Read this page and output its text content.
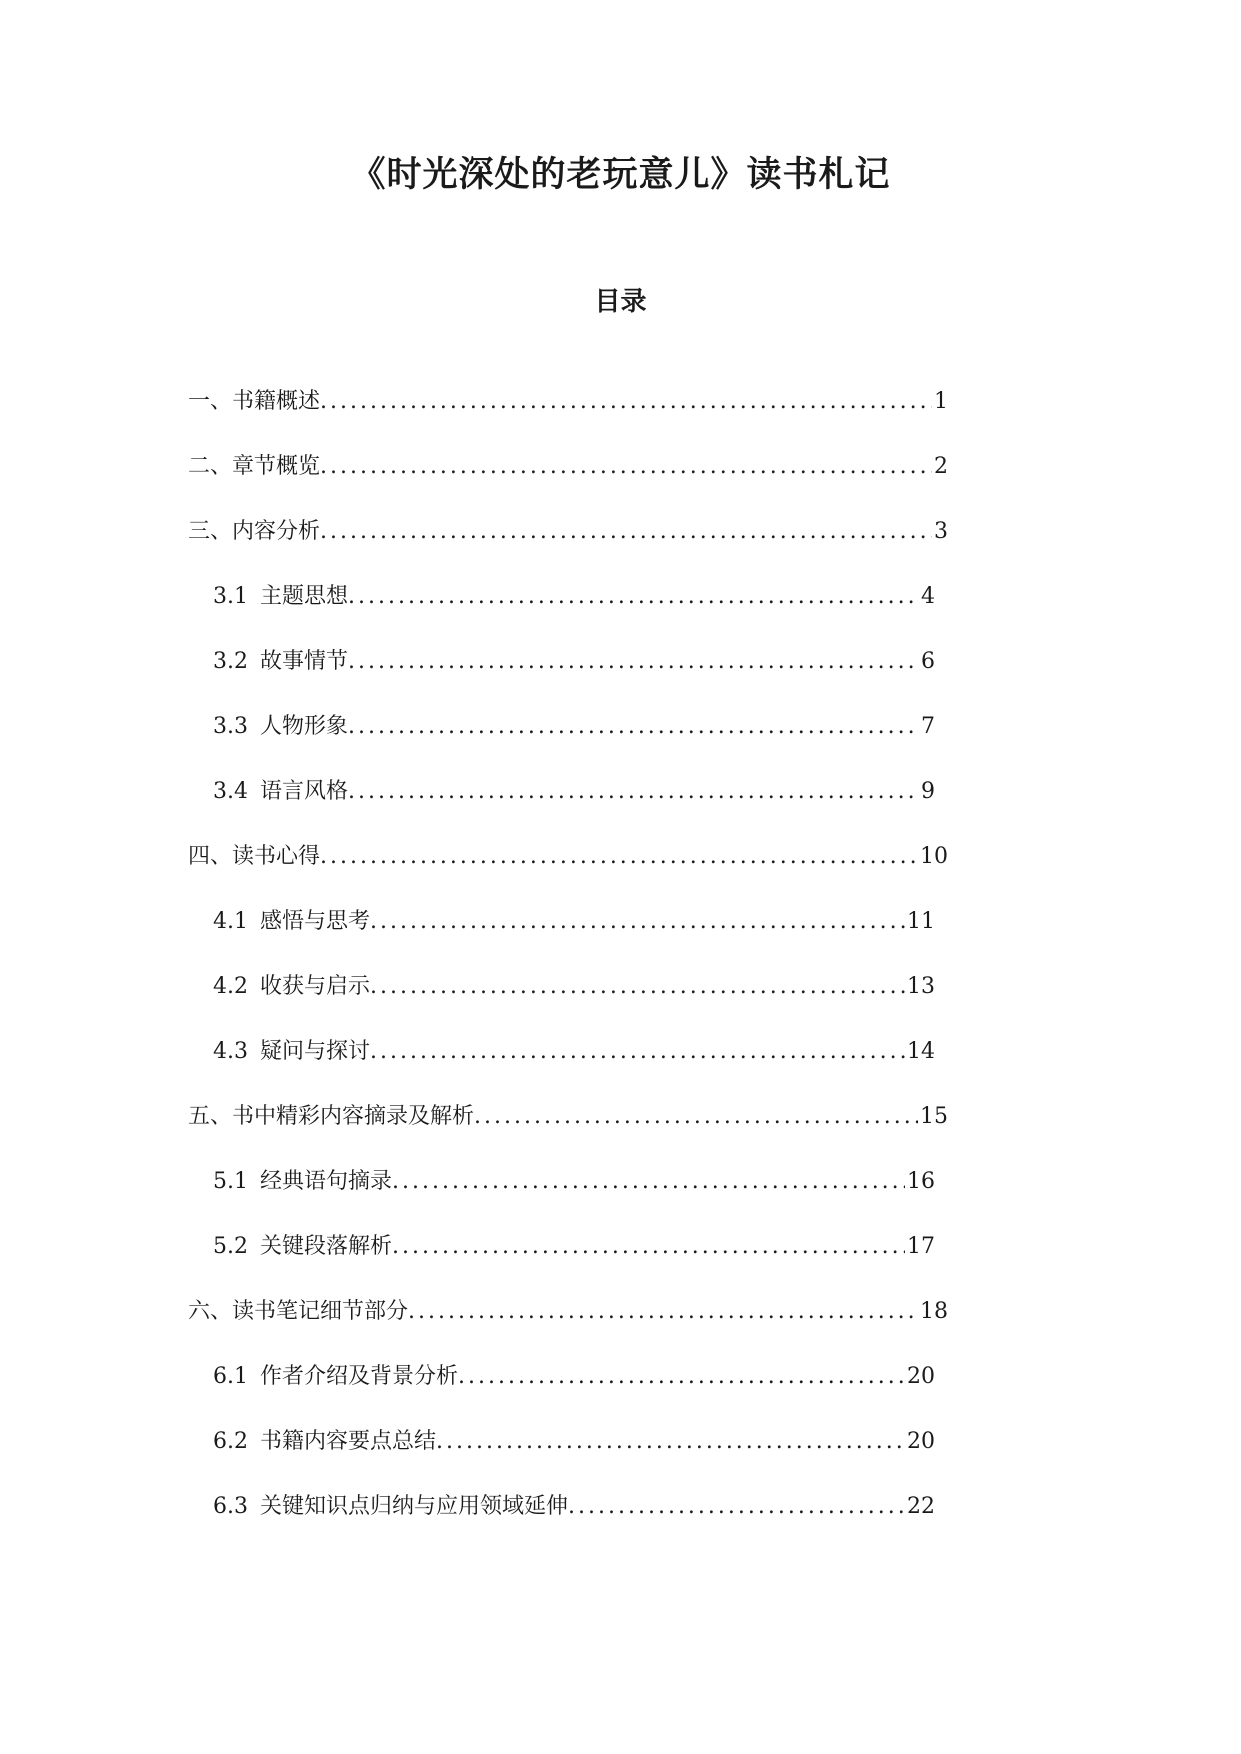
《时光深处的老玩意儿》读书札记
目录
一、书籍概述 .....	1
二、章节概览 .....	2
三、内容分析 .....	3
3.1 主题思想 .....	4
3.2 故事情节 .....	6
3.3 人物形象 .....	7
3.4 语言风格 .....	9
四、读书心得 .....	10
4.1 感悟与思考 .....	11
4.2 收获与启示 .....	13
4.3 疑问与探讨 .....	14
五、书中精彩内容摘录及解析 .....	15
5.1 经典语句摘录 .....	16
5.2 关键段落解析 .....	17
六、读书笔记细节部分 .....	18
6.1 作者介绍及背景分析 .....	20
6.2 书籍内容要点总结 .....	20
6.3 关键知识点归纳与应用领域延伸 .....	22
